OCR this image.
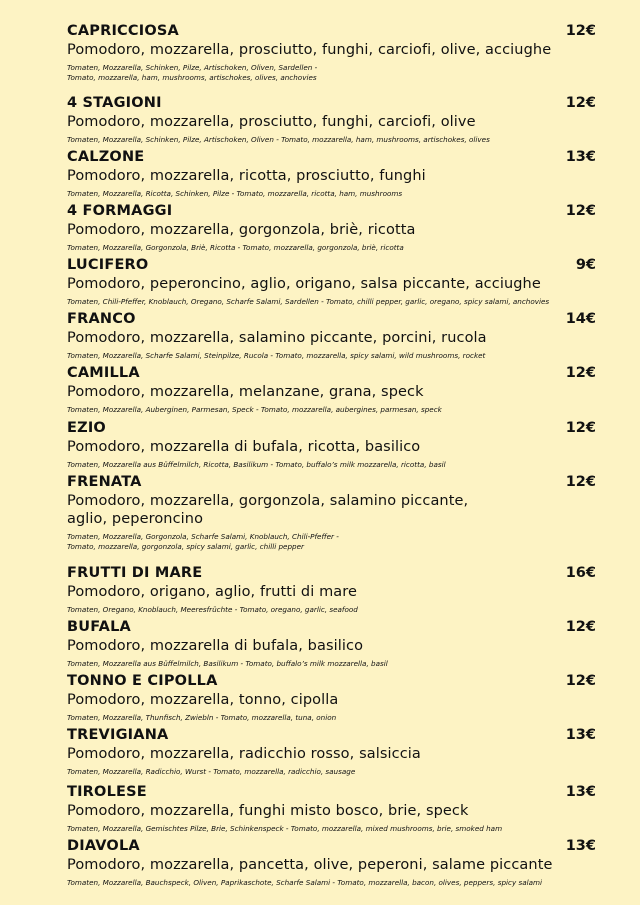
CAPRICCIOSA	12€
Pomodoro, mozzarella, prosciutto, funghi, carciofi, olive, acciughe
Tomaten, Mozzarella, Schinken, Pilze, Artischoken, Oliven, Sardellen -
Tomato, mozzarella, ham, mushrooms, artischokes, olives, anchovies
4 STAGIONI	12€
Pomodoro, mozzarella, prosciutto, funghi, carciofi, olive
Tomaten, Mozzarella, Schinken, Pilze, Artischoken, Oliven - Tomato, mozzarella, ham, mushrooms, artischokes, olives
CALZONE	13€
Pomodoro, mozzarella, ricotta, prosciutto, funghi
Tomaten, Mozzarella, Ricotta, Schinken, Pilze - Tomato, mozzarella, ricotta, ham, mushrooms
4 FORMAGGI	12€
Pomodoro, mozzarella, gorgonzola, briè, ricotta
Tomaten, Mozzarella, Gorgonzola, Briè, Ricotta - Tomato, mozzarella, gorgonzola, briè, ricotta
LUCIFERO	9€
Pomodoro, peperoncino, aglio, origano, salsa piccante, acciughe
Tomaten, Chili-Pfeffer, Knoblauch, Oregano, Scharfe Salami, Sardellen - Tomato, chilli pepper, garlic, oregano, spicy salami, anchovies
FRANCO	14€
Pomodoro, mozzarella, salamino piccante, porcini, rucola
Tomaten, Mozzarella, Scharfe Salami, Steinpilze, Rucola - Tomato, mozzarella, spicy salami, wild mushrooms, rocket
CAMILLA	12€
Pomodoro, mozzarella, melanzane, grana, speck
Tomaten, Mozzarella, Auberginen, Parmesan, Speck - Tomato, mozzarella, aubergines, parmesan, speck
EZIO	12€
Pomodoro, mozzarella di bufala, ricotta, basilico
Tomaten, Mozzarella aus Büffelmilch, Ricotta, Basilikum - Tomato, buffalo’s milk mozzarella, ricotta, basil
FRENATA	12€
Pomodoro, mozzarella, gorgonzola, salamino piccante, aglio, peperoncino
Tomaten, Mozzarella, Gorgonzola, Scharfe Salami, Knoblauch, Chili-Pfeffer -
Tomato, mozzarella, gorgonzola, spicy salami, garlic, chilli pepper
FRUTTI DI MARE	16€
Pomodoro, origano, aglio, frutti di mare
Tomaten, Oregano, Knoblauch, Meeresfrüchte - Tomato, oregano, garlic, seafood
BUFALA	12€
Pomodoro, mozzarella di bufala, basilico
Tomaten, Mozzarella aus Büffelmilch, Basilikum - Tomato, buffalo’s milk mozzarella, basil
TONNO E CIPOLLA	12€
Pomodoro, mozzarella, tonno, cipolla
Tomaten, Mozzarella, Thunfisch, Zwiebln - Tomato, mozzarella, tuna, onion
TREVIGIANA	13€
Pomodoro, mozzarella, radicchio rosso, salsiccia
Tomaten, Mozzarella, Radicchio, Wurst - Tomato, mozzarella, radicchio, sausage
TIROLESE	13€
Pomodoro, mozzarella, funghi misto bosco, brie, speck
Tomaten, Mozzarella, Gemischtes Pilze, Brie, Schinkenspeck - Tomato, mozzarella, mixed mushrooms, brie, smoked ham
DIAVOLA	13€
Pomodoro, mozzarella, pancetta, olive, peperoni, salame piccante
Tomaten, Mozzarella, Bauchspeck, Oliven, Paprikaschote, Scharfe Salami - Tomato, mozzarella, bacon, olives, peppers, spicy salami
